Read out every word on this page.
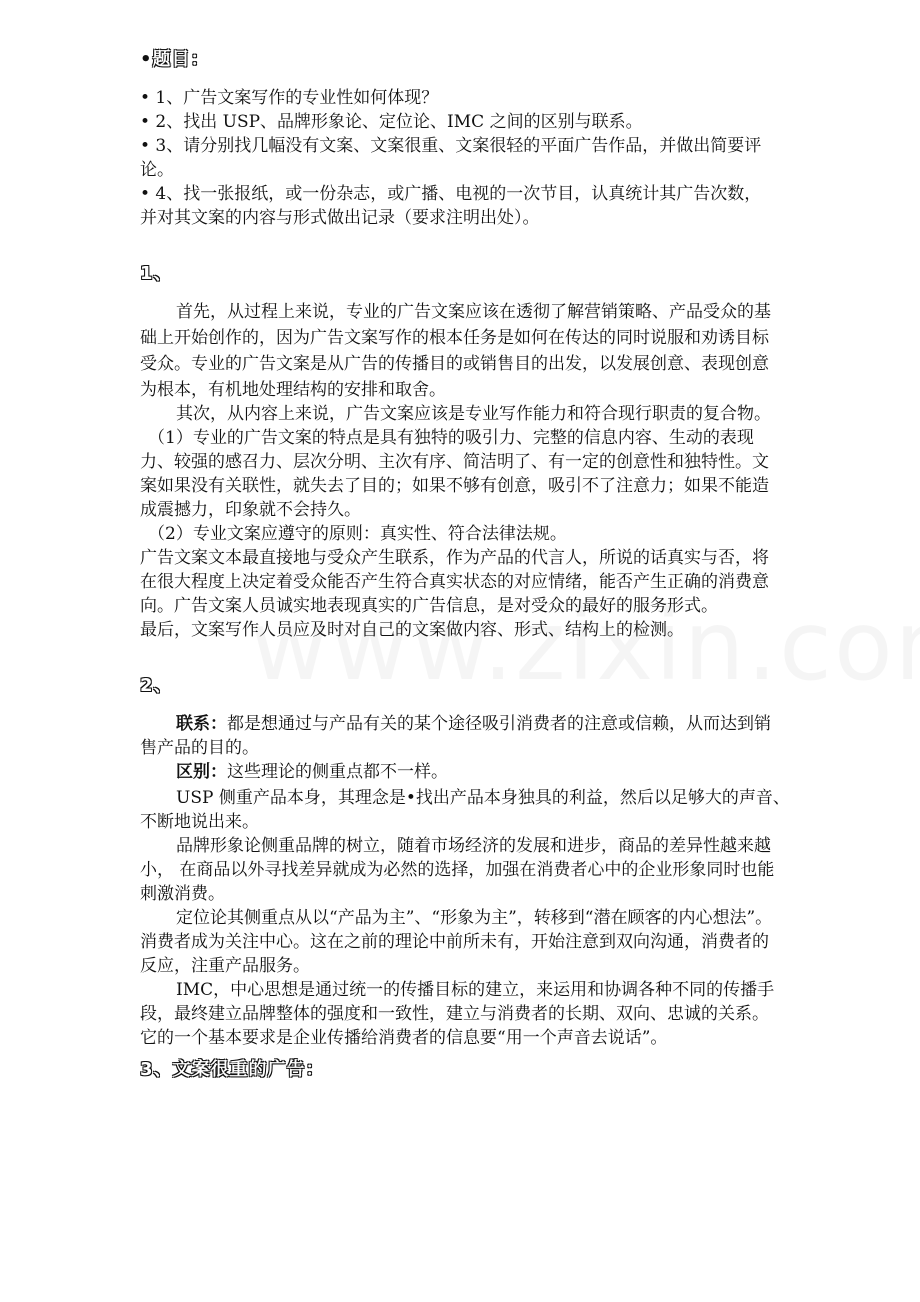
•题目：
• 1、广告文案写作的专业性如何体现？
• 2、找出 USP、品牌形象论、定位论、IMC 之间的区别与联系。
• 3、请分别找几幅没有文案、文案很重、文案很轻的平面广告作品，并做出简要评
论。
• 4、找一张报纸，或一份杂志，或广播、电视的一次节目，认真统计其广告次数，
并对其文案的内容与形式做出记录（要求注明出处）。
1、
首先，从过程上来说，专业的广告文案应该在透彻了解营销策略、产品受众的基
础上开始创作的，因为广告文案写作的根本任务是如何在传达的同时说服和劝诱目标
受众。专业的广告文案是从广告的传播目的或销售目的出发，以发展创意、表现创意
为根本，有机地处理结构的安排和取舍。
其次，从内容上来说，广告文案应该是专业写作能力和符合现行职责的复合物。
（1）专业的广告文案的特点是具有独特的吸引力、完整的信息内容、生动的表现
力、较强的感召力、层次分明、主次有序、简洁明了、有一定的创意性和独特性。文
案如果没有关联性，就失去了目的；如果不够有创意，吸引不了注意力；如果不能造
成震撼力，印象就不会持久。
（2）专业文案应遵守的原则：真实性、符合法律法规。
广告文案文本最直接地与受众产生联系，作为产品的代言人，所说的话真实与否，将
在很大程度上决定着受众能否产生符合真实状态的对应情绪，能否产生正确的消费意
向。广告文案人员诚实地表现真实的广告信息，是对受众的最好的服务形式。
最后，文案写作人员应及时对自己的文案做内容、形式、结构上的检测。
2、
联系：都是想通过与产品有关的某个途径吸引消费者的注意或信赖，从而达到销
售产品的目的。
区别：这些理论的侧重点都不一样。
USP 侧重产品本身，其理念是•找出产品本身独具的利益，然后以足够大的声音、
不断地说出来。
品牌形象论侧重品牌的树立，随着市场经济的发展和进步，商品的差异性越来越
小， 在商品以外寻找差异就成为必然的选择，加强在消费者心中的企业形象同时也能
刺激消费。
定位论其侧重点从以“产品为主”、“形象为主”，转移到“潜在顾客的内心想法”。
消费者成为关注中心。这在之前的理论中前所未有，开始注意到双向沟通，消费者的
反应，注重产品服务。
IMC，中心思想是通过统一的传播目标的建立，来运用和协调各种不同的传播手
段，最终建立品牌整体的强度和一致性，建立与消费者的长期、双向、忠诚的关系。
它的一个基本要求是企业传播给消费者的信息要“用一个声音去说话”。
3、文案很重的广告：
